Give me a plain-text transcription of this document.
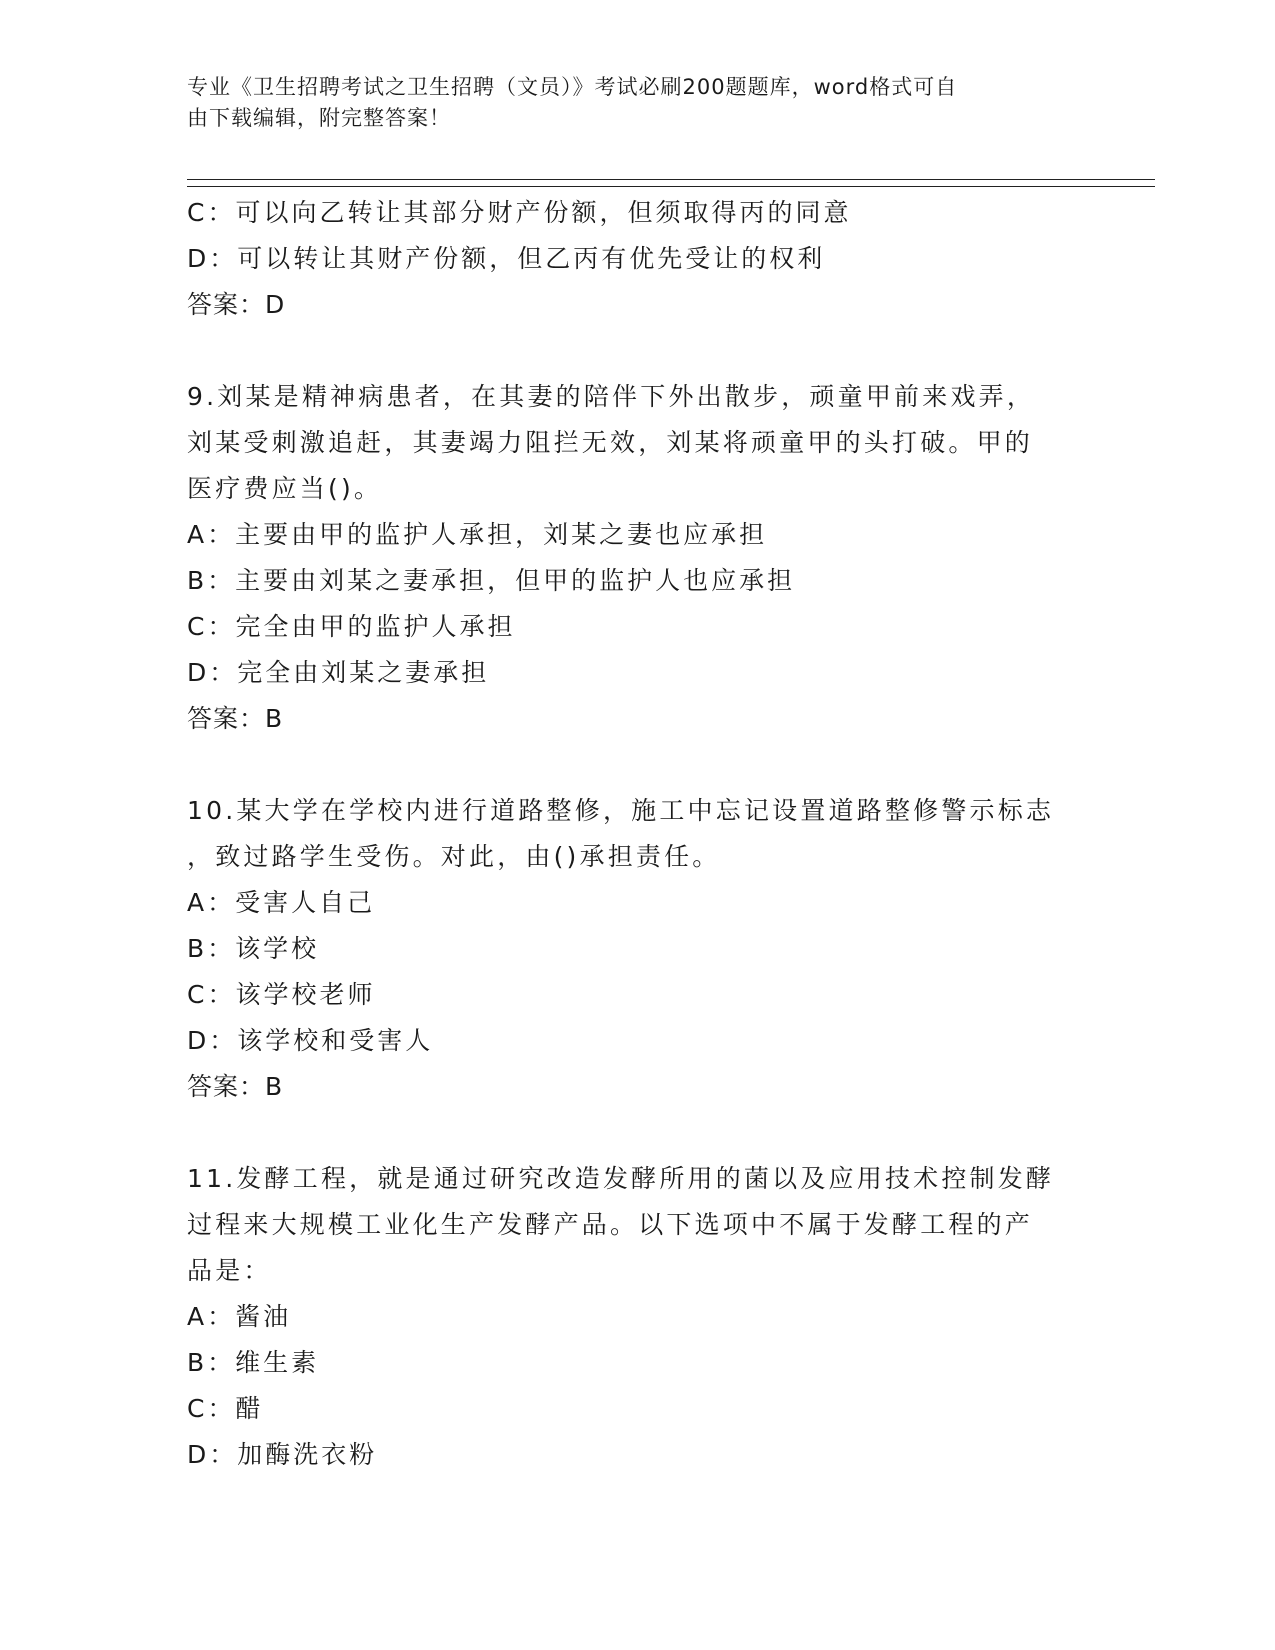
专业《卫生招聘考试之卫生招聘（文员）》考试必刷200题题库，word格式可自
由下载编辑，附完整答案！
C：可以向乙转让其部分财产份额，但须取得丙的同意
D：可以转让其财产份额，但乙丙有优先受让的权利
答案：D
9.刘某是精神病患者，在其妻的陪伴下外出散步，顽童甲前来戏弄，
刘某受刺激追赶，其妻竭力阻拦无效，刘某将顽童甲的头打破。甲的
医疗费应当()。
A：主要由甲的监护人承担，刘某之妻也应承担
B：主要由刘某之妻承担，但甲的监护人也应承担
C：完全由甲的监护人承担
D：完全由刘某之妻承担
答案：B
10.某大学在学校内进行道路整修，施工中忘记设置道路整修警示标志
，致过路学生受伤。对此，由()承担责任。
A：受害人自己
B：该学校
C：该学校老师
D：该学校和受害人
答案：B
11.发酵工程，就是通过研究改造发酵所用的菌以及应用技术控制发酵
过程来大规模工业化生产发酵产品。以下选项中不属于发酵工程的产
品是：
A：酱油
B：维生素
C：醋
D：加酶洗衣粉
